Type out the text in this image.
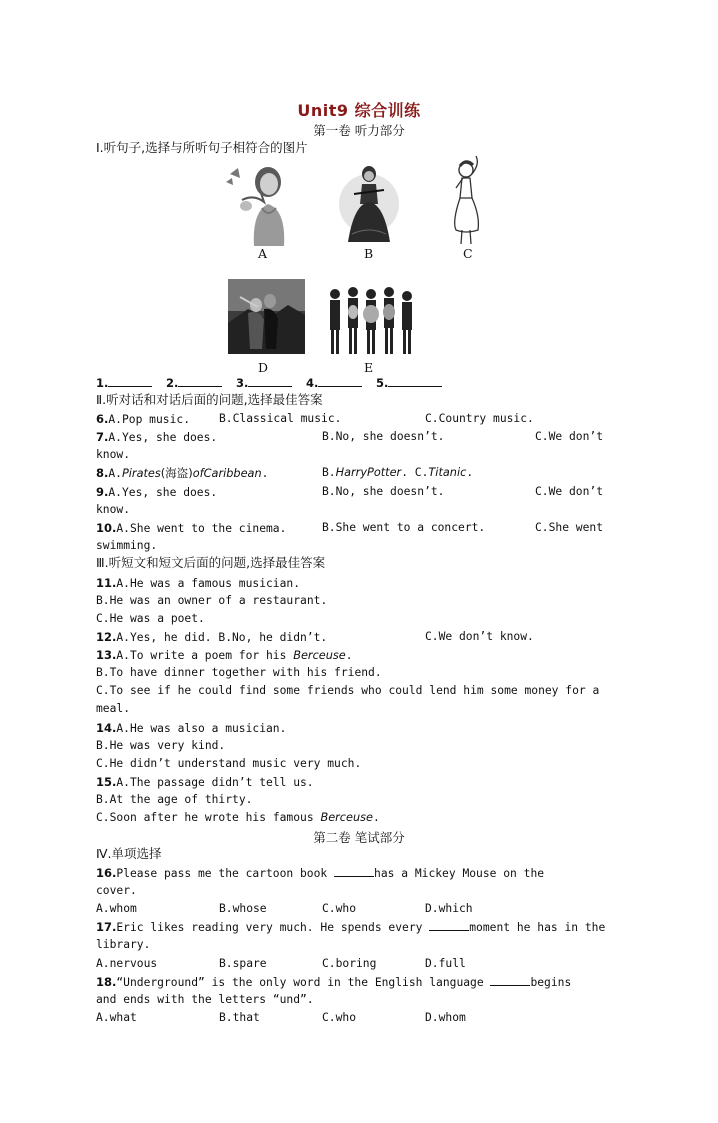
Unit9 综合训练
第一卷 听力部分
Ⅰ.听句子,选择与所听句子相符合的图片
A	B	C
D	E
1.	2.	3.	4.	5.
Ⅱ.听对话和对话后面的问题,选择最佳答案
6.A.Pop music.	B.Classical music.	C.Country music.
7.A.Yes, she does.	B.No, she doesn’t.	C.We don’t
know.
8.A.Pirates(海盗)ofCaribbean.	B.HarryPotter. C.Titanic.
9.A.Yes, she does.	B.No, she doesn’t.	C.We don’t
know.
10.A.She went to the cinema.	B.She went to a concert.	C.She went
swimming.
Ⅲ.听短文和短文后面的问题,选择最佳答案
11.A.He was a famous musician.
B.He was an owner of a restaurant.
C.He was a poet.
12.A.Yes, he did. B.No, he didn’t.	C.We don’t know.
13.A.To write a poem for his Berceuse.
B.To have dinner together with his friend.
C.To see if he could find some friends who could lend him some money for a
meal.
14.A.He was also a musician.
B.He was very kind.
C.He didn’t understand music very much.
15.A.The passage didn’t tell us.
B.At the age of thirty.
C.Soon after he wrote his famous Berceuse.
第二卷 笔试部分
Ⅳ.单项选择
16.Please pass me the cartoon book	has a Mickey Mouse on the
cover.
A.whom	B.whose	C.who	D.which
17.Eric likes reading very much. He spends every	moment he has in the
library.
A.nervous	B.spare	C.boring	D.full
18.“Underground” is the only word in the English language	begins
and ends with the letters “und”.
A.what	B.that	C.who	D.whom
